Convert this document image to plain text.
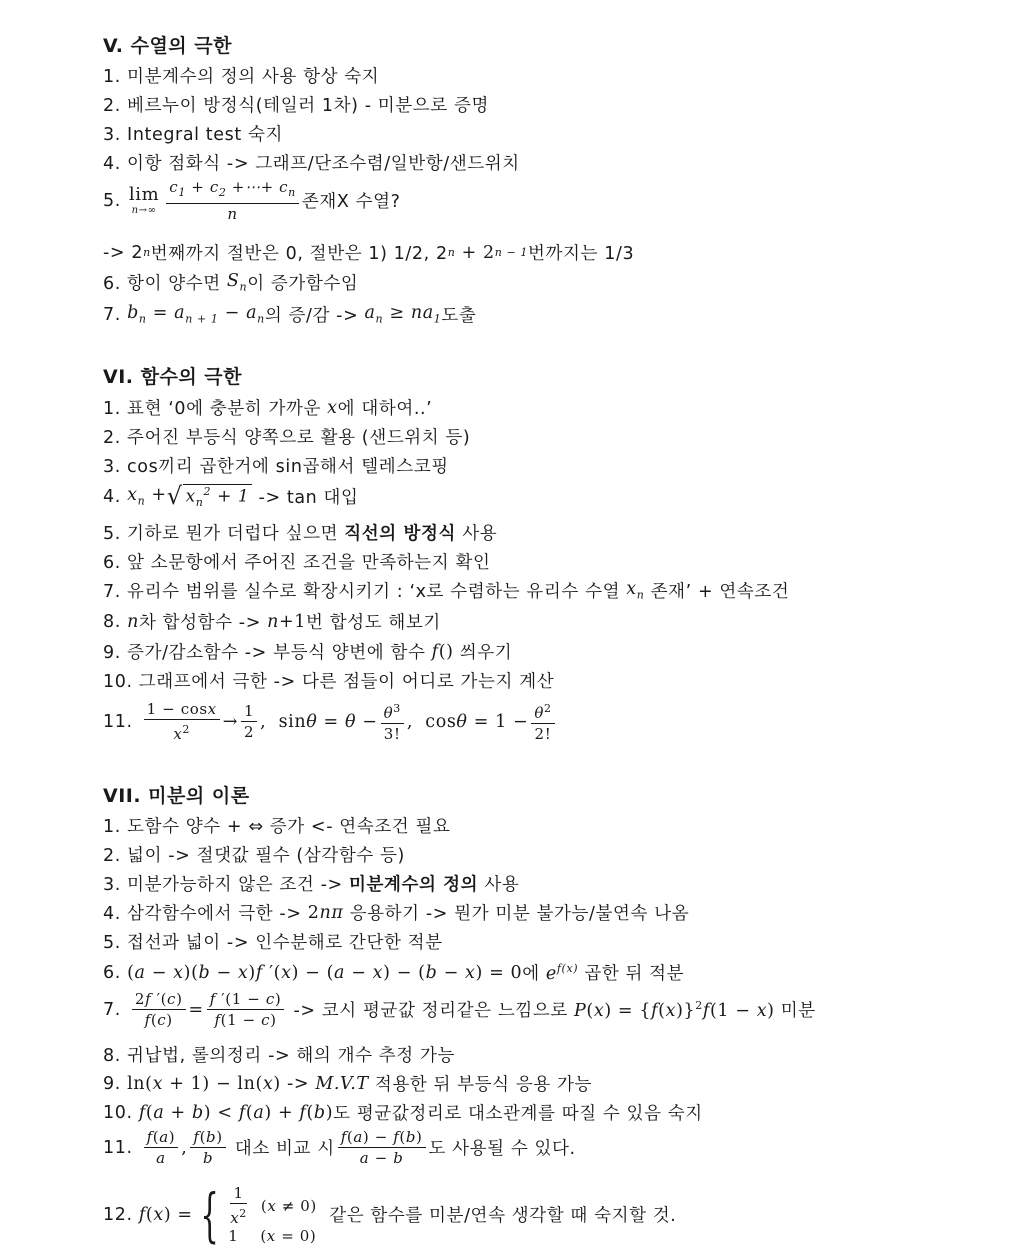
V. 수열의 극한
1. 미분계수의 정의 사용 항상 숙지
2. 베르누이 방정식(테일러 1차) - 미분으로 증명
3. Integral test 숙지
4. 이항 점화식 -> 그래프/단조수렴/일반항/샌드위치
5. lim
$n\to\infty \frac{c_1 + c_2 +\cdots+ c_n}{n}$ 존재X 수열?
-> 2 n 번째까지 절반은 0, 절반은 1) 1/2, 2 n + 2 n − 1 번까지는 1/3
6. 항이 양수면
$S_n$ 이 증가함수임
7.
$b_n = a_{n + 1} - a_n$ 의 증/감 ->
$a_n \ge na_1$ 도출
VI. 함수의 극한
1. 표현 ‘0에 충분히 가까운
x 에 대하여..’
2. 주어진 부등식 양쪽으로 활용 (샌드위치 등)
3. cos끼리 곱한거에 sin곱해서 텔레스코핑
4.
$x_n$ + √ $x_n^2 + 1$
-> tan 대입
5. 기하로 뭔가 더럽다 싶으면
직선의 방정식
사용
6. 앞 소문항에서 주어진 조건을 만족하는지 확인
7. 유리수 범위를 실수로 확장시키기 : ‘x로 수렴하는 유리수 수열
$x_n$
존재’ + 연속조건
8.
n 차 합성함수 ->
n +1 번 합성도 해보기
9. 증가/감소함수 -> 부등식 양변에 함수
f ()
씌우기
10. 그래프에서 극한 -> 다른 점들이 어디로 가는지 계산
11. $\frac{1 - \cos x}{x^2} \to \frac{1}{2}$ ,  $\sin\theta = \theta - \frac{\theta^3}{3!}$ ,  $\cos\theta = 1 - \frac{\theta^2}{2!}$
VII. 미분의 이론
1. 도함수 양수 + ⇔ 증가 <- 연속조건 필요
2. 넓이 -> 절댓값 필수 (삼각함수 등)
3. 미분가능하지 않은 조건 ->
미분계수의 정의
사용
4. 삼각함수에서 극한 ->
2nπ
응용하기 -> 뭔가 미분 불가능/불연속 나옴
5. 접선과 넓이 -> 인수분해로 간단한 적분
6.
(a − x)(b − x)f ′(x) − (a − x) − (b − x) = 0 에
$e^{f(x)}$
곱한 뒤 적분
7. $\frac{2f '(c)}{f(c)} = \frac{f '(1 - c)}{f(1 - c)}$
-> 코시 평균값 정리같은 느낌으로
$P(x) = \{f(x)\}^2f(1 - x)$
미분
8. 귀납법, 롤의정리 -> 해의 개수 추정 가능
9.
ln(x + 1) − ln(x)
->
M.V.T
적용한 뒤 부등식 응용 가능
10.
f(a + b) < f(a) + f(b) 도 평균값정리로 대소관계를 따질 수 있음 숙지
11. $\frac{f(a)}{a}$ , $\frac{f(b)}{b}$
대소 비교 시 $\frac{f(a) - f(b)}{a - b}$ 도 사용될 수 있다.
12.
f(x) = { $\frac{1}{x^2} (x \ne 0)$
1	(x = 0)

같은 함수를 미분/연속 생각할 때 숙지할 것.
